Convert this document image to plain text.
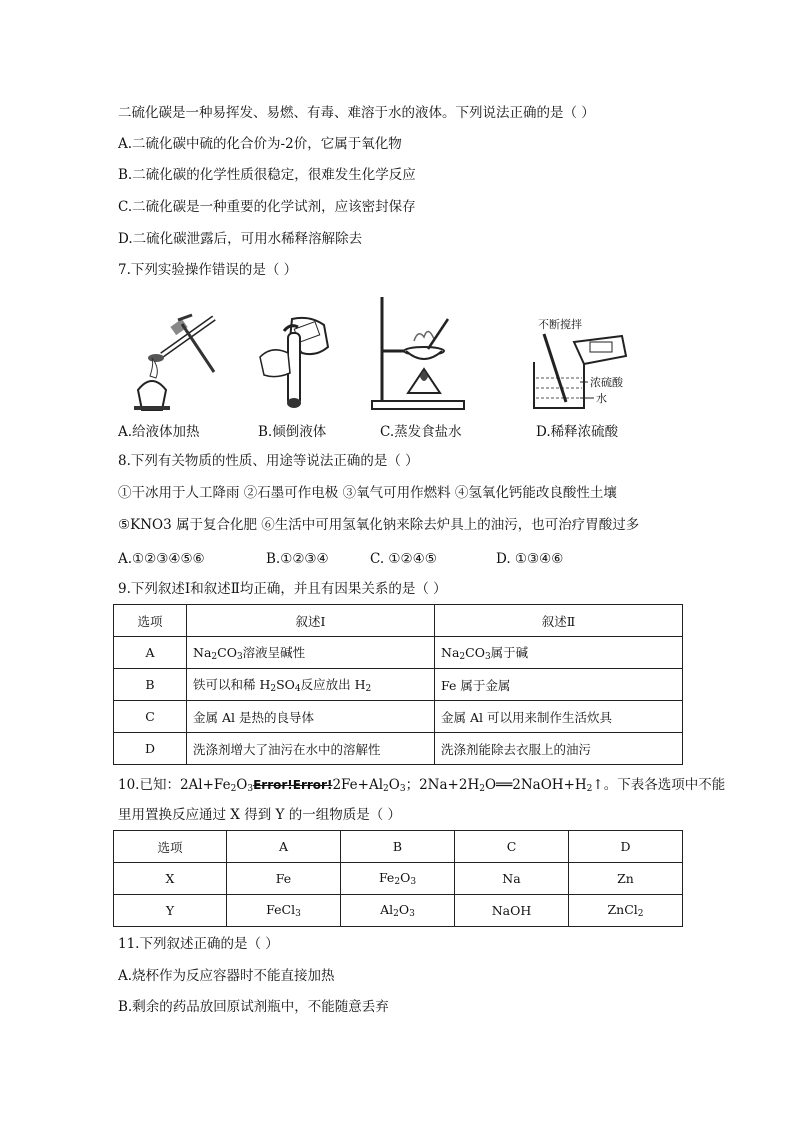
二硫化碳是一种易挥发、易燃、有毒、难溶于水的液体。下列说法正确的是（ ）
A.二硫化碳中硫的化合价为-2价，它属于氧化物
B.二硫化碳的化学性质很稳定，很难发生化学反应
C.二硫化碳是一种重要的化学试剂，应该密封保存
D.二硫化碳泄露后，可用水稀释溶解除去
7.下列实验操作错误的是（ ）
不断搅拌
浓硫酸
水
A.给液体加热	B.倾倒液体	C.蒸发食盐水	D.稀释浓硫酸
8.下列有关物质的性质、用途等说法正确的是（ ）
①干冰用于人工降雨 ②石墨可作电极 ③氧气可用作燃料 ④氢氧化钙能改良酸性土壤
⑤KNO3 属于复合化肥 ⑥生活中可用氢氧化钠来除去炉具上的油污，也可治疗胃酸过多
A.①②③④⑤⑥	B.①②③④	C. ①②④⑤	D. ①③④⑥
9.下列叙述Ⅰ和叙述Ⅱ均正确，并且有因果关系的是（ ）
选项	叙述Ⅰ	叙述Ⅱ
A	$Na_2CO_3$溶液呈碱性	$Na_2CO_3$属于碱
B	铁可以和稀 $H_2SO_4$反应放出 $H_2$	Fe 属于金属
C	金属 Al 是热的良导体	金属 Al 可以用来制作生活炊具
D	洗涤剂增大了油污在水中的溶解性	洗涤剂能除去衣服上的油污
10.已知：$2Al+Fe_2O_3Error!Error!2Fe+Al_2O_3$；$2Na+2H_2O══2NaOH+H_2↑$。下表各选项中不能
里用置换反应通过 X 得到 Y 的一组物质是（ ）
选项	A	B	C	D
X	Fe	$Fe_2O_3$	Na	Zn
Y	FeCl$_3$	$Al_2O_3$	NaOH	ZnCl$_2$
11.下列叙述正确的是（ ）
A.烧杯作为反应容器时不能直接加热
B.剩余的药品放回原试剂瓶中，不能随意丢弃
